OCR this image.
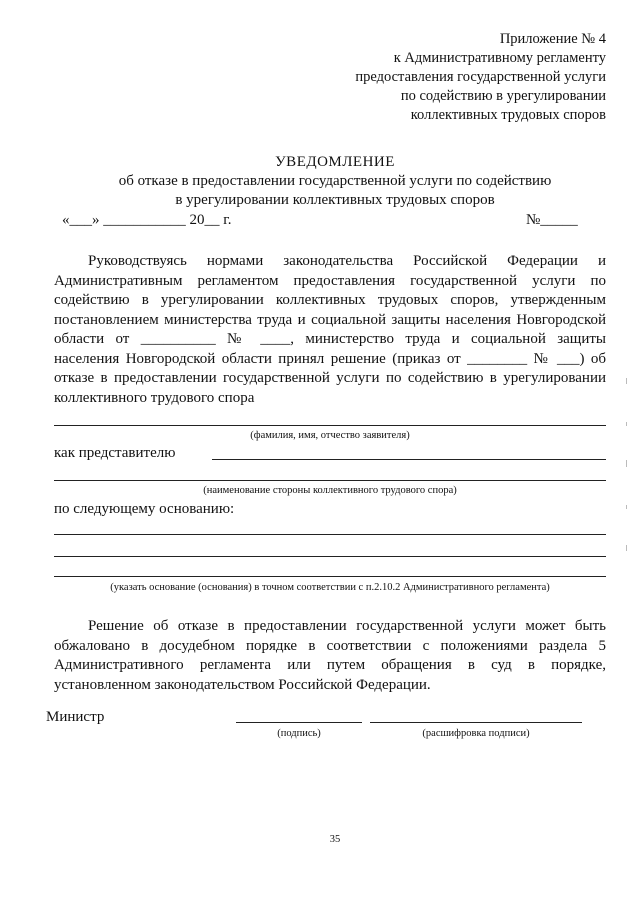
Приложение № 4
к Административному регламенту
предоставления государственной услуги
по содействию в урегулировании
коллективных трудовых споров
УВЕДОМЛЕНИЕ
об отказе в предоставлении государственной услуги по содействию
в урегулировании коллективных трудовых споров
«___» ___________ 20__ г.	№_____
Руководствуясь нормами законодательства Российской Федерации и
Административным регламентом предоставления государственной услуги по
содействию в урегулировании коллективных трудовых споров, утвержденным
постановлением министерства труда и социальной защиты населения Новгородской
области от __________ № ____, министерство труда и социальной защиты
населения Новгородской области принял решение (приказ от ________ № ___) об
отказе в предоставлении государственной услуги по содействию в урегулировании
коллективного трудового спора
(фамилия, имя, отчество заявителя)
как представителю
(наименование стороны коллективного трудового спора)
по следующему основанию:
(указать основание (основания) в точном соответствии с п.2.10.2 Административного регламента)
Решение об отказе в предоставлении государственной услуги может быть
обжаловано в досудебном порядке в соответствии с положениями раздела 5
Административного регламента или путем обращения в суд в порядке,
установленном законодательством Российской Федерации.
Министр
(подпись)	(расшифровка подписи)
35
